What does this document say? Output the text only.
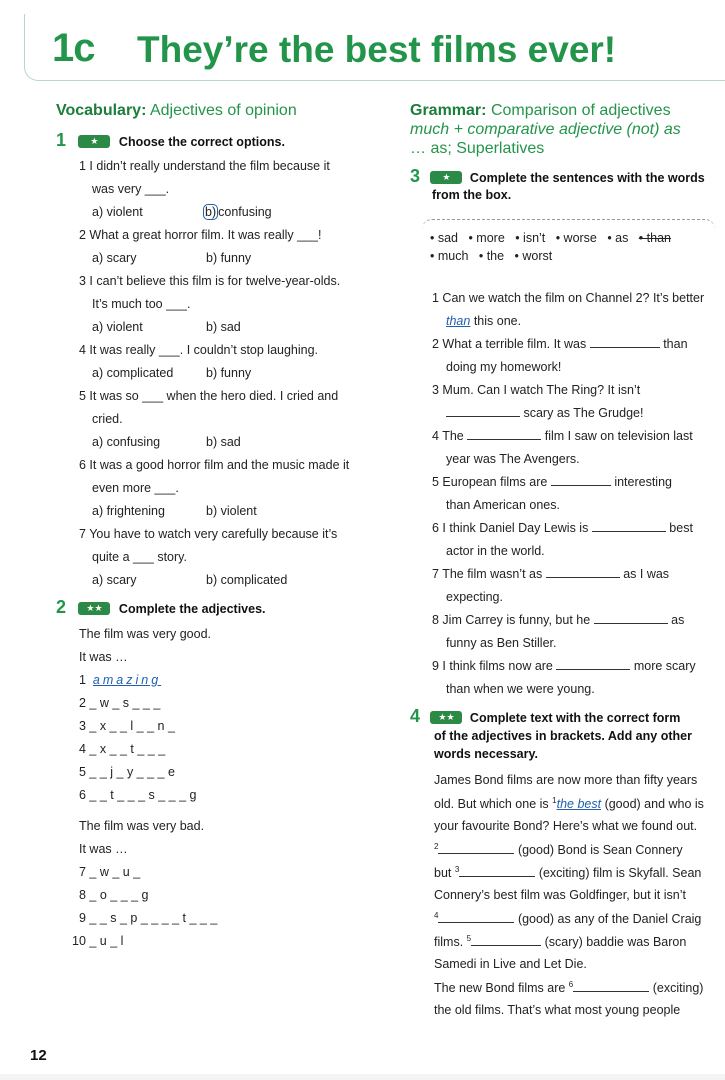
1c They’re the best films ever!
Vocabulary: Adjectives of opinion
1	★ Choose the correct options.
1 I didn’t really understand the film because it
was very ___.
a) violent	b) confusing
2 What a great horror film. It was really ___!
a) scary	b) funny
3 I can’t believe this film is for twelve-year-olds.
It’s much too ___.
a) violent	b) sad
4 It was really ___. I couldn’t stop laughing.
a) complicated	b) funny
5 It was so ___ when the hero died. I cried and
cried.
a) confusing	b) sad
6 It was a good horror film and the music made it
even more ___.
a) frightening	b) violent
7 You have to watch very carefully because it’s
quite a ___ story.
a) scary	b) complicated
2 ★★ Complete the adjectives.
The film was very good.
It was …
1 amazing
2 _ w _ s _ _ _
3 _ x _ _ l _ _ n _
4 _ x _ _ t _ _ _
5 _ _ j _ y _ _ _ e
6 _ _ t _ _ _ s _ _ _ g
The film was very bad.
It was …
7 _ w _ u _
8 _ o _ _ _ g
9 _ _ s _ p _ _ _ _ t _ _ _
10 _ u _ l
Grammar: Comparison of adjectives
much + comparative adjective (not) as
… as; Superlatives
3 ★ Complete the sentences with the words
from the box.
• sad • more • isn’t • worse • as • than
• much • the • worst
1 Can we watch the film on Channel 2? It’s better
than this one.
2 What a terrible film. It was	than
doing my homework!
3 Mum. Can I watch The Ring? It isn’t
scary as The Grudge!
4 The	film I saw on television last
year was The Avengers.
5 European films are	interesting
than American ones.
6 I think Daniel Day Lewis is	best
actor in the world.
7 The film wasn’t as	as I was
expecting.
8 Jim Carrey is funny, but he	as
funny as Ben Stiller.
9 I think films now are	more scary
than when we were young.
4 ★★ Complete text with the correct form
of the adjectives in brackets. Add any other
words necessary.
James Bond films are now more than fifty years
old. But which one is $^1$the best (good) and who is
your favourite Bond? Here’s what we found out.
$^2$	(good) Bond is Sean Connery
but $^3$	(exciting) film is Skyfall. Sean
Connery’s best film was Goldfinger, but it isn’t
$^4$	(good) as any of the Daniel Craig
films. $^5$	(scary) baddie was Baron
Samedi in Live and Let Die.
The new Bond films are $^6$	(exciting)
the old films. That’s what most young people
12
